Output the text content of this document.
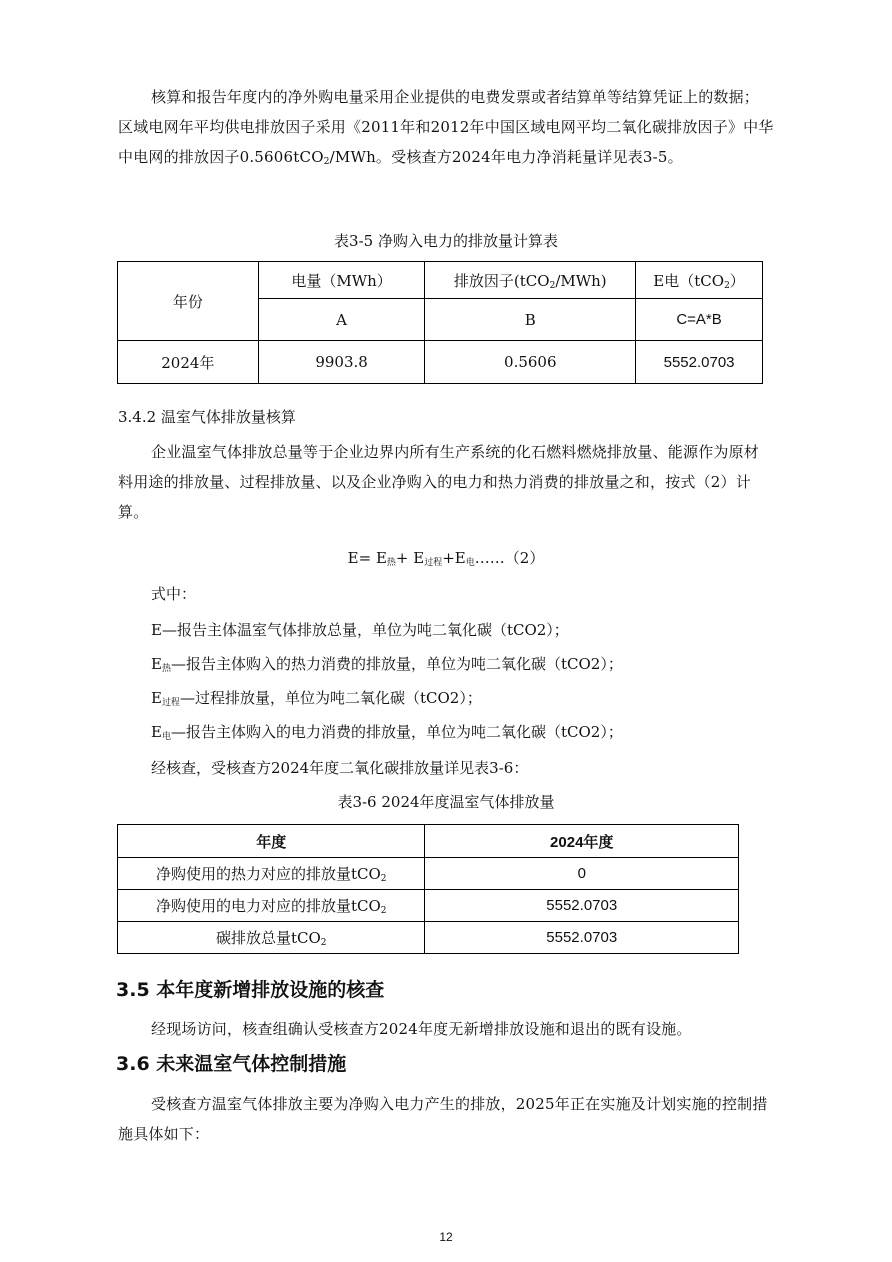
核算和报告年度内的净外购电量采用企业提供的电费发票或者结算单等结算凭证上的数据；区域电网年平均供电排放因子采用《2011年和2012年中国区域电网平均二氧化碳排放因子》中华中电网的排放因子0.5606tCO$_2$/MWh。受核查方2024年电力净消耗量详见表3-5。

表3-5 净购入电力的排放量计算表

年份	电量（MWh）	排放因子(tCO$_2$/MWh)	E电（tCO$_2$）
	A	B	C=A*B
2024年	9903.8	0.5606	5552.0703

3.4.2 温室气体排放量核算

企业温室气体排放总量等于企业边界内所有生产系统的化石燃料燃烧排放量、能源作为原材料用途的排放量、过程排放量、以及企业净购入的电力和热力消费的排放量之和，按式（2）计算。

$E= E_热+$ $E_{过程}+E_电\dots\dots(2)$

式中：

E—报告主体温室气体排放总量，单位为吨二氧化碳（tCO2）；

$E_热—$报告主体购入的热力消费的排放量，单位为吨二氧化碳（tCO2）；

$E_{过程}—$过程排放量，单位为吨二氧化碳（tCO2）；

$E_电—$报告主体购入的电力消费的排放量，单位为吨二氧化碳（tCO2）；

经核查，受核查方2024年度二氧化碳排放量详见表3-6：

表3-6 2024年度温室气体排放量

年度	2024年度
净购使用的热力对应的排放量tCO$_2$	0
净购使用的电力对应的排放量tCO$_2$	5552.0703
碳排放总量tCO$_2$	5552.0703
3.5 本年度新增排放设施的核查

经现场访问，核查组确认受核查方2024年度无新增排放设施和退出的既有设施。

3.6 未来温室气体控制措施

受核查方温室气体排放主要为净购入电力产生的排放，2025年正在实施及计划实施的控制措施具体如下：

12
